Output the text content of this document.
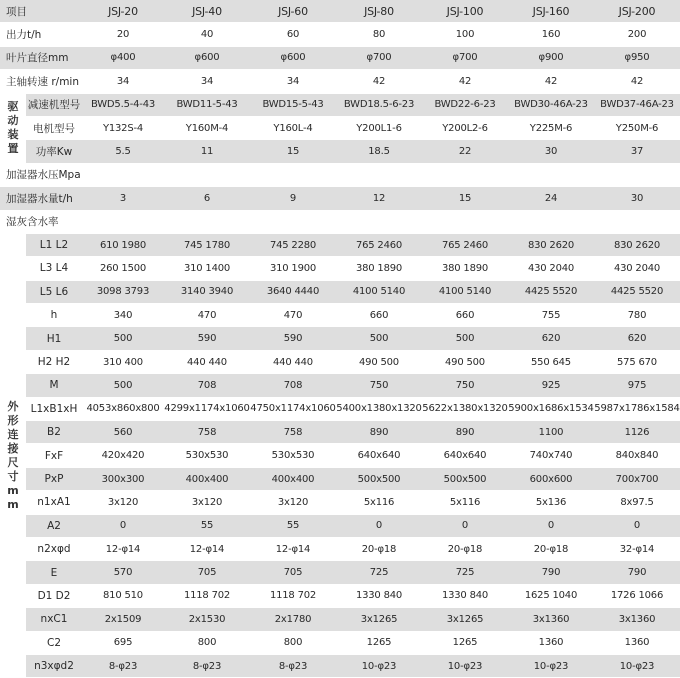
项目		JSJ-20	JSJ-40	JSJ-60	JSJ-80	JSJ-100	JSJ-160	JSJ-200
出力t/h		20	40	60	80	100	160	200
叶片直径mm		φ400	φ600	φ600	φ700	φ700	φ900	φ950
主轴转速 r/min		34	34	34	42	42	42	42
驱动装置	减速机型号	BWD5.5-4-43	BWD11-5-43	BWD15-5-43	BWD18.5-6-23	BWD22-6-23	BWD30-46A-23	BWD37-46A-23
	电机型号	Y132S-4	Y160M-4	Y160L-4	Y200L1-6	Y200L2-6	Y225M-6	Y250M-6
	功率Kw	5.5	11	15	18.5	22	30	37
加湿器水压Mpa								
加湿器水量t/h		3	6	9	12	15	24	30
湿灰含水率								
外形连接尺寸mm	L1 L2	610 1980	745 1780	745 2280	765 2460	765 2460	830 2620	830 2620
	L3 L4	260 1500	310 1400	310 1900	380 1890	380 1890	430 2040	430 2040
	L5 L6	3098 3793	3140 3940	3640 4440	4100 5140	4100 5140	4425 5520	4425 5520
	h	340	470	470	660	660	755	780
	H1	500	590	590	500	500	620	620
	H2 H2	310 400	440 440	440 440	490 500	490 500	550 645	575 670
	M	500	708	708	750	750	925	975
	L1xB1xH	4053x860x800	4299x1174x1060	4750x1174x1060	5400x1380x1320	5622x1380x1320	5900x1686x1534	5987x1786x1584
	B2	560	758	758	890	890	1100	1126
	FxF	420x420	530x530	530x530	640x640	640x640	740x740	840x840
	PxP	300x300	400x400	400x400	500x500	500x500	600x600	700x700
	n1xA1	3x120	3x120	3x120	5x116	5x116	5x136	8x97.5
	A2	0	55	55	0	0	0	0
	n2xφd	12-φ14	12-φ14	12-φ14	20-φ18	20-φ18	20-φ18	32-φ14
	E	570	705	705	725	725	790	790
	D1 D2	810 510	1118 702	1118 702	1330 840	1330 840	1625 1040	1726 1066
	nxC1	2x1509	2x1530	2x1780	3x1265	3x1265	3x1360	3x1360
	C2	695	800	800	1265	1265	1360	1360
	n3xφd2	8-φ23	8-φ23	8-φ23	10-φ23	10-φ23	10-φ23	10-φ23
